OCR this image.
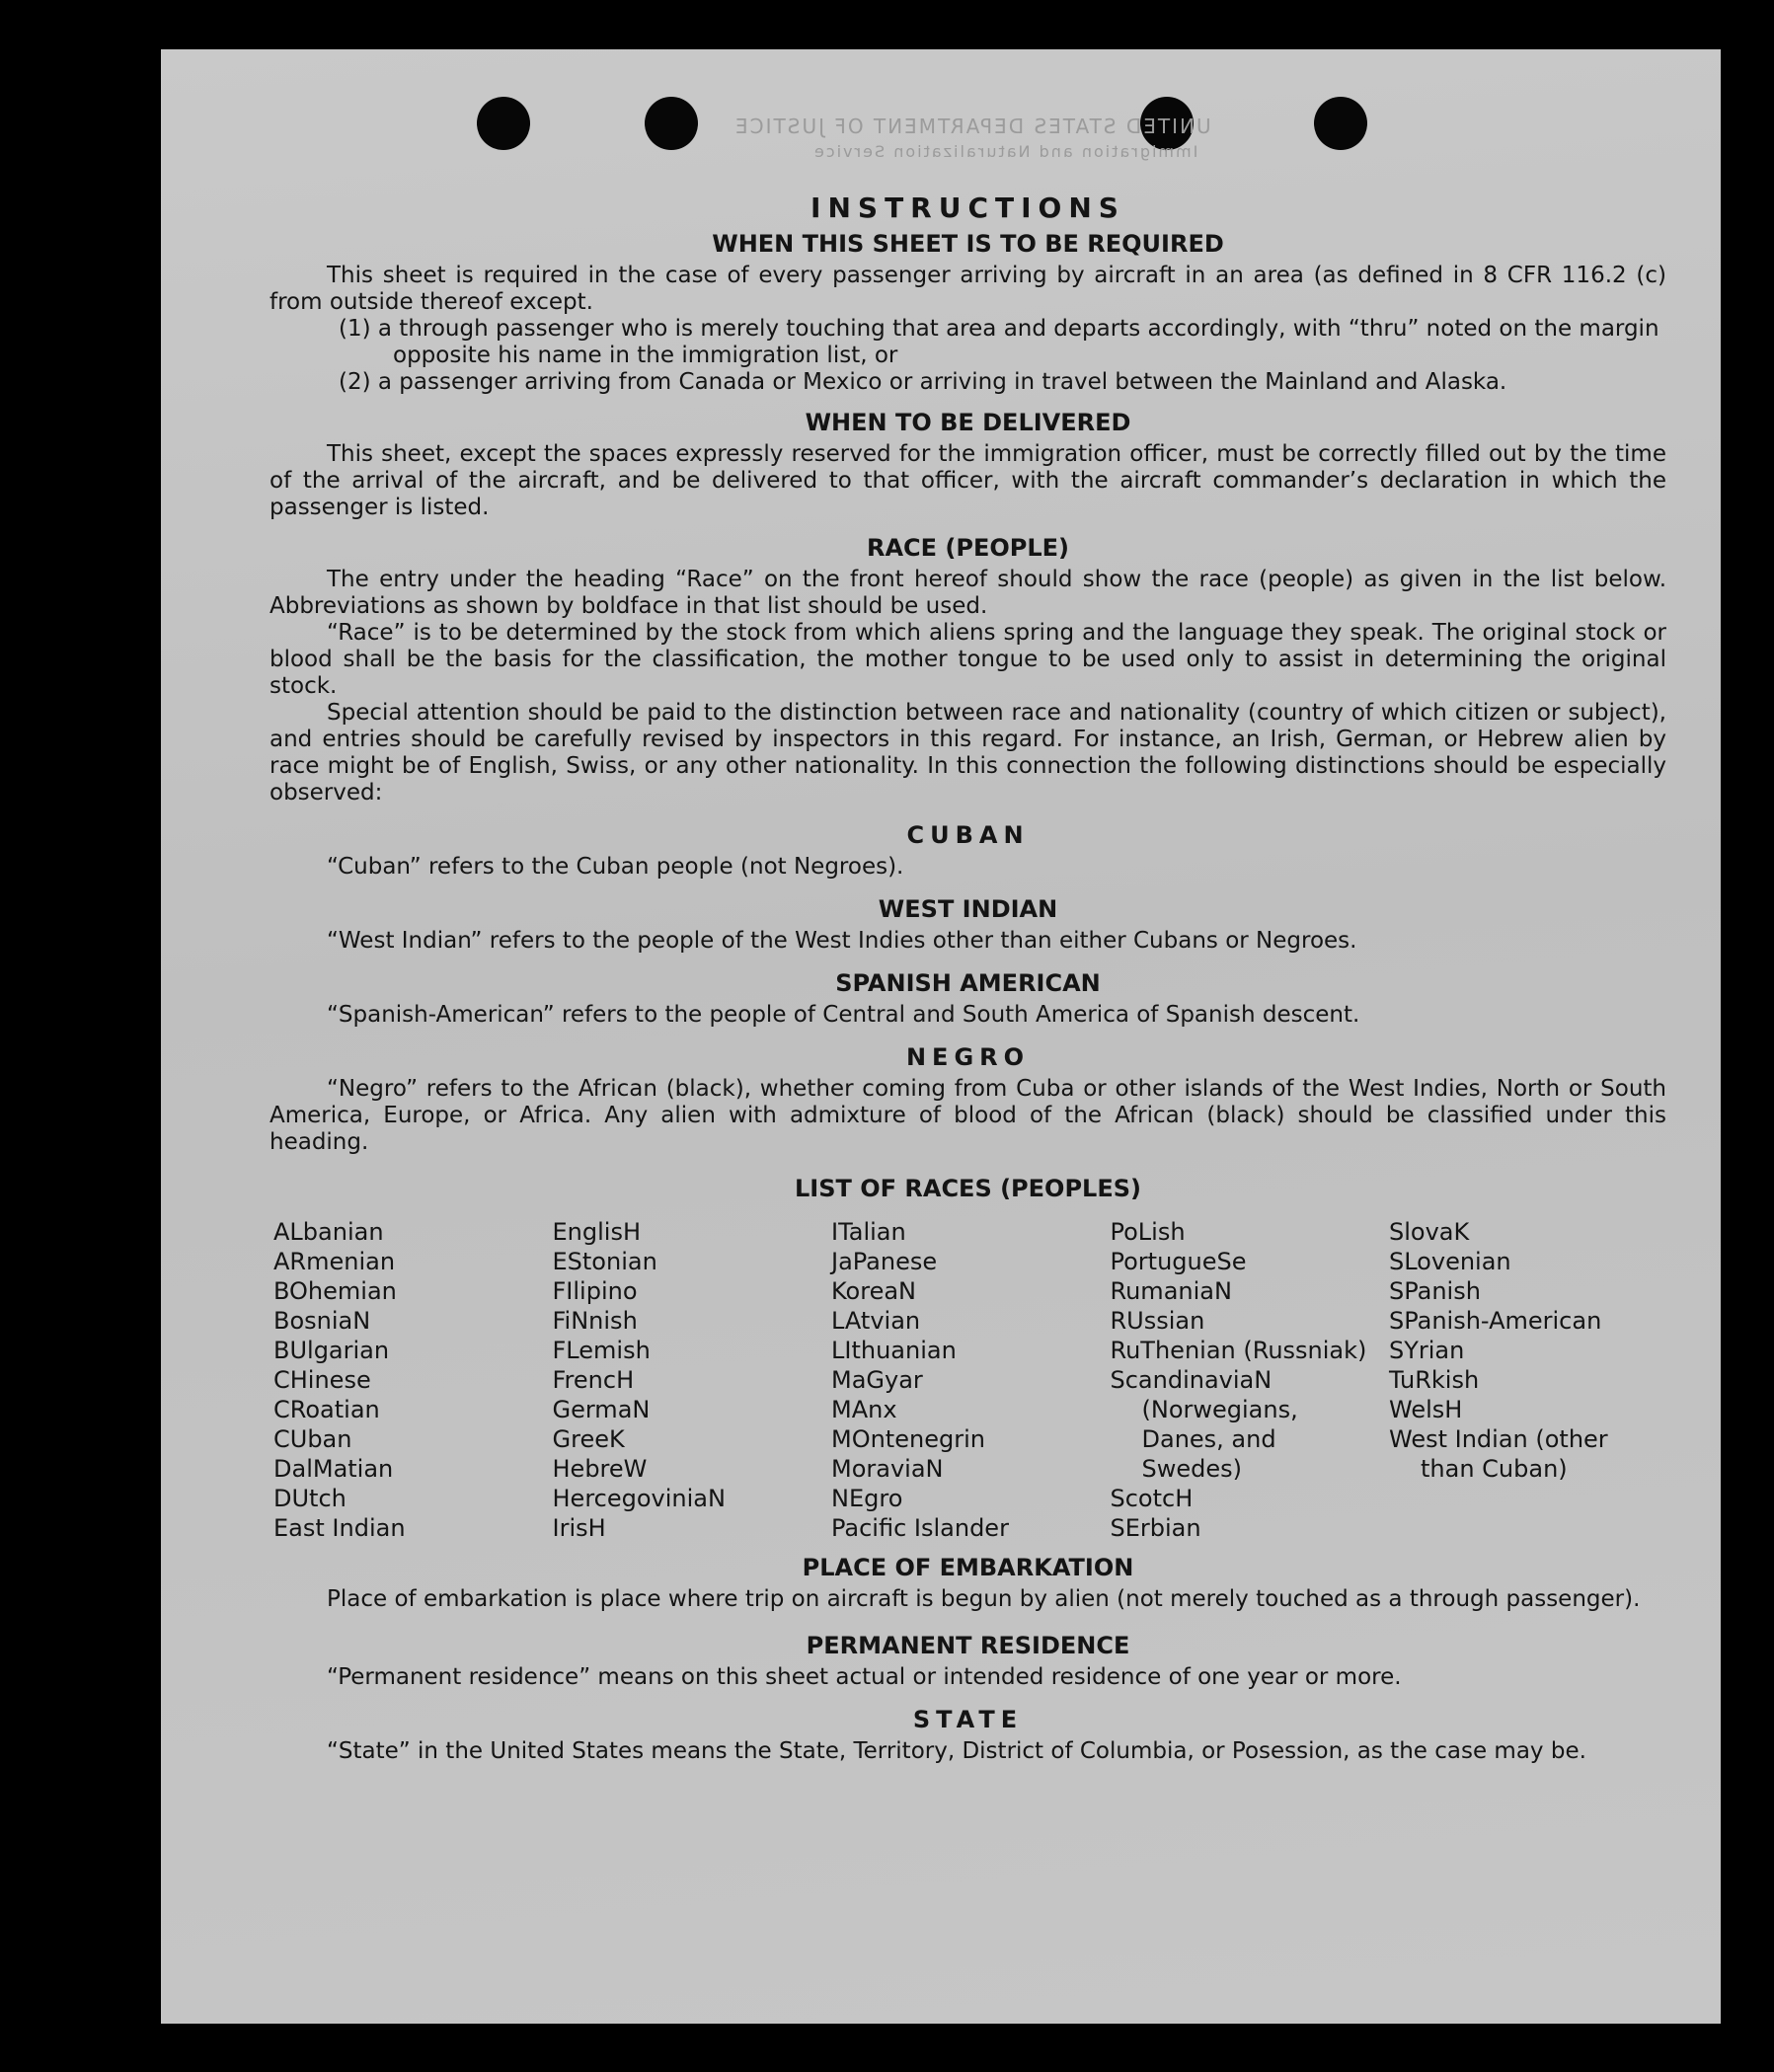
UNITED STATES DEPARTMENT OF JUSTICE
Immigration and Naturalization Service
INSTRUCTIONS
WHEN THIS SHEET IS TO BE REQUIRED

This sheet is required in the case of every passenger arriving by aircraft in an area (as defined in 8 CFR 116.2 (c) from outside thereof except.

(1) a through passenger who is merely touching that area and departs accordingly, with “thru” noted on the margin opposite his name in the immigration list, or

(2) a passenger arriving from Canada or Mexico or arriving in travel between the Mainland and Alaska.

WHEN TO BE DELIVERED

This sheet, except the spaces expressly reserved for the immigration officer, must be correctly filled out by the time of the arrival of the aircraft, and be delivered to that officer, with the aircraft commander’s declaration in which the passenger is listed.

RACE (PEOPLE)

The entry under the heading “Race” on the front hereof should show the race (people) as given in the list below. Abbreviations as shown by boldface in that list should be used.

“Race” is to be determined by the stock from which aliens spring and the language they speak. The original stock or blood shall be the basis for the classification, the mother tongue to be used only to assist in determining the original stock.

Special attention should be paid to the distinction between race and nationality (country of which citizen or subject), and entries should be carefully revised by inspectors in this regard. For instance, an Irish, German, or Hebrew alien by race might be of English, Swiss, or any other nationality. In this connection the following distinctions should be especially observed:

CUBAN

“Cuban” refers to the Cuban people (not Negroes).

WEST INDIAN

“West Indian” refers to the people of the West Indies other than either Cubans or Negroes.

SPANISH AMERICAN

“Spanish-American” refers to the people of Central and South America of Spanish descent.

NEGRO

“Negro” refers to the African (black), whether coming from Cuba or other islands of the West Indies, North or South America, Europe, or Africa. Any alien with admixture of blood of the African (black) should be classified under this heading.

LIST OF RACES (PEOPLES)
ALbanian
ARmenian
BOhemian
BosniaN
BUlgarian
CHinese
CRoatian
CUban
DalMatian
DUtch
East Indian
EnglisH
EStonian
FIlipino
FiNnish
FLemish
FrencH
GermaN
GreeK
HebreW
HercegoviniaN
IrisH
ITalian
JaPanese
KoreaN
LAtvian
LIthuanian
MaGyar
MAnx
MOntenegrin
MoraviaN
NEgro
Pacific Islander
PoLish
PortugueSe
RumaniaN
RUssian
RuThenian (Russniak)
ScandinaviaN
(Norwegians,
Danes, and
Swedes)
ScotcH
SErbian
SlovaK
SLovenian
SPanish
SPanish-American
SYrian
TuRkish
WelsH
West Indian (other
than Cuban)
PLACE OF EMBARKATION

Place of embarkation is place where trip on aircraft is begun by alien (not merely touched as a through passenger).

PERMANENT RESIDENCE

“Permanent residence” means on this sheet actual or intended residence of one year or more.

STATE

“State” in the United States means the State, Territory, District of Columbia, or Posession, as the case may be.
